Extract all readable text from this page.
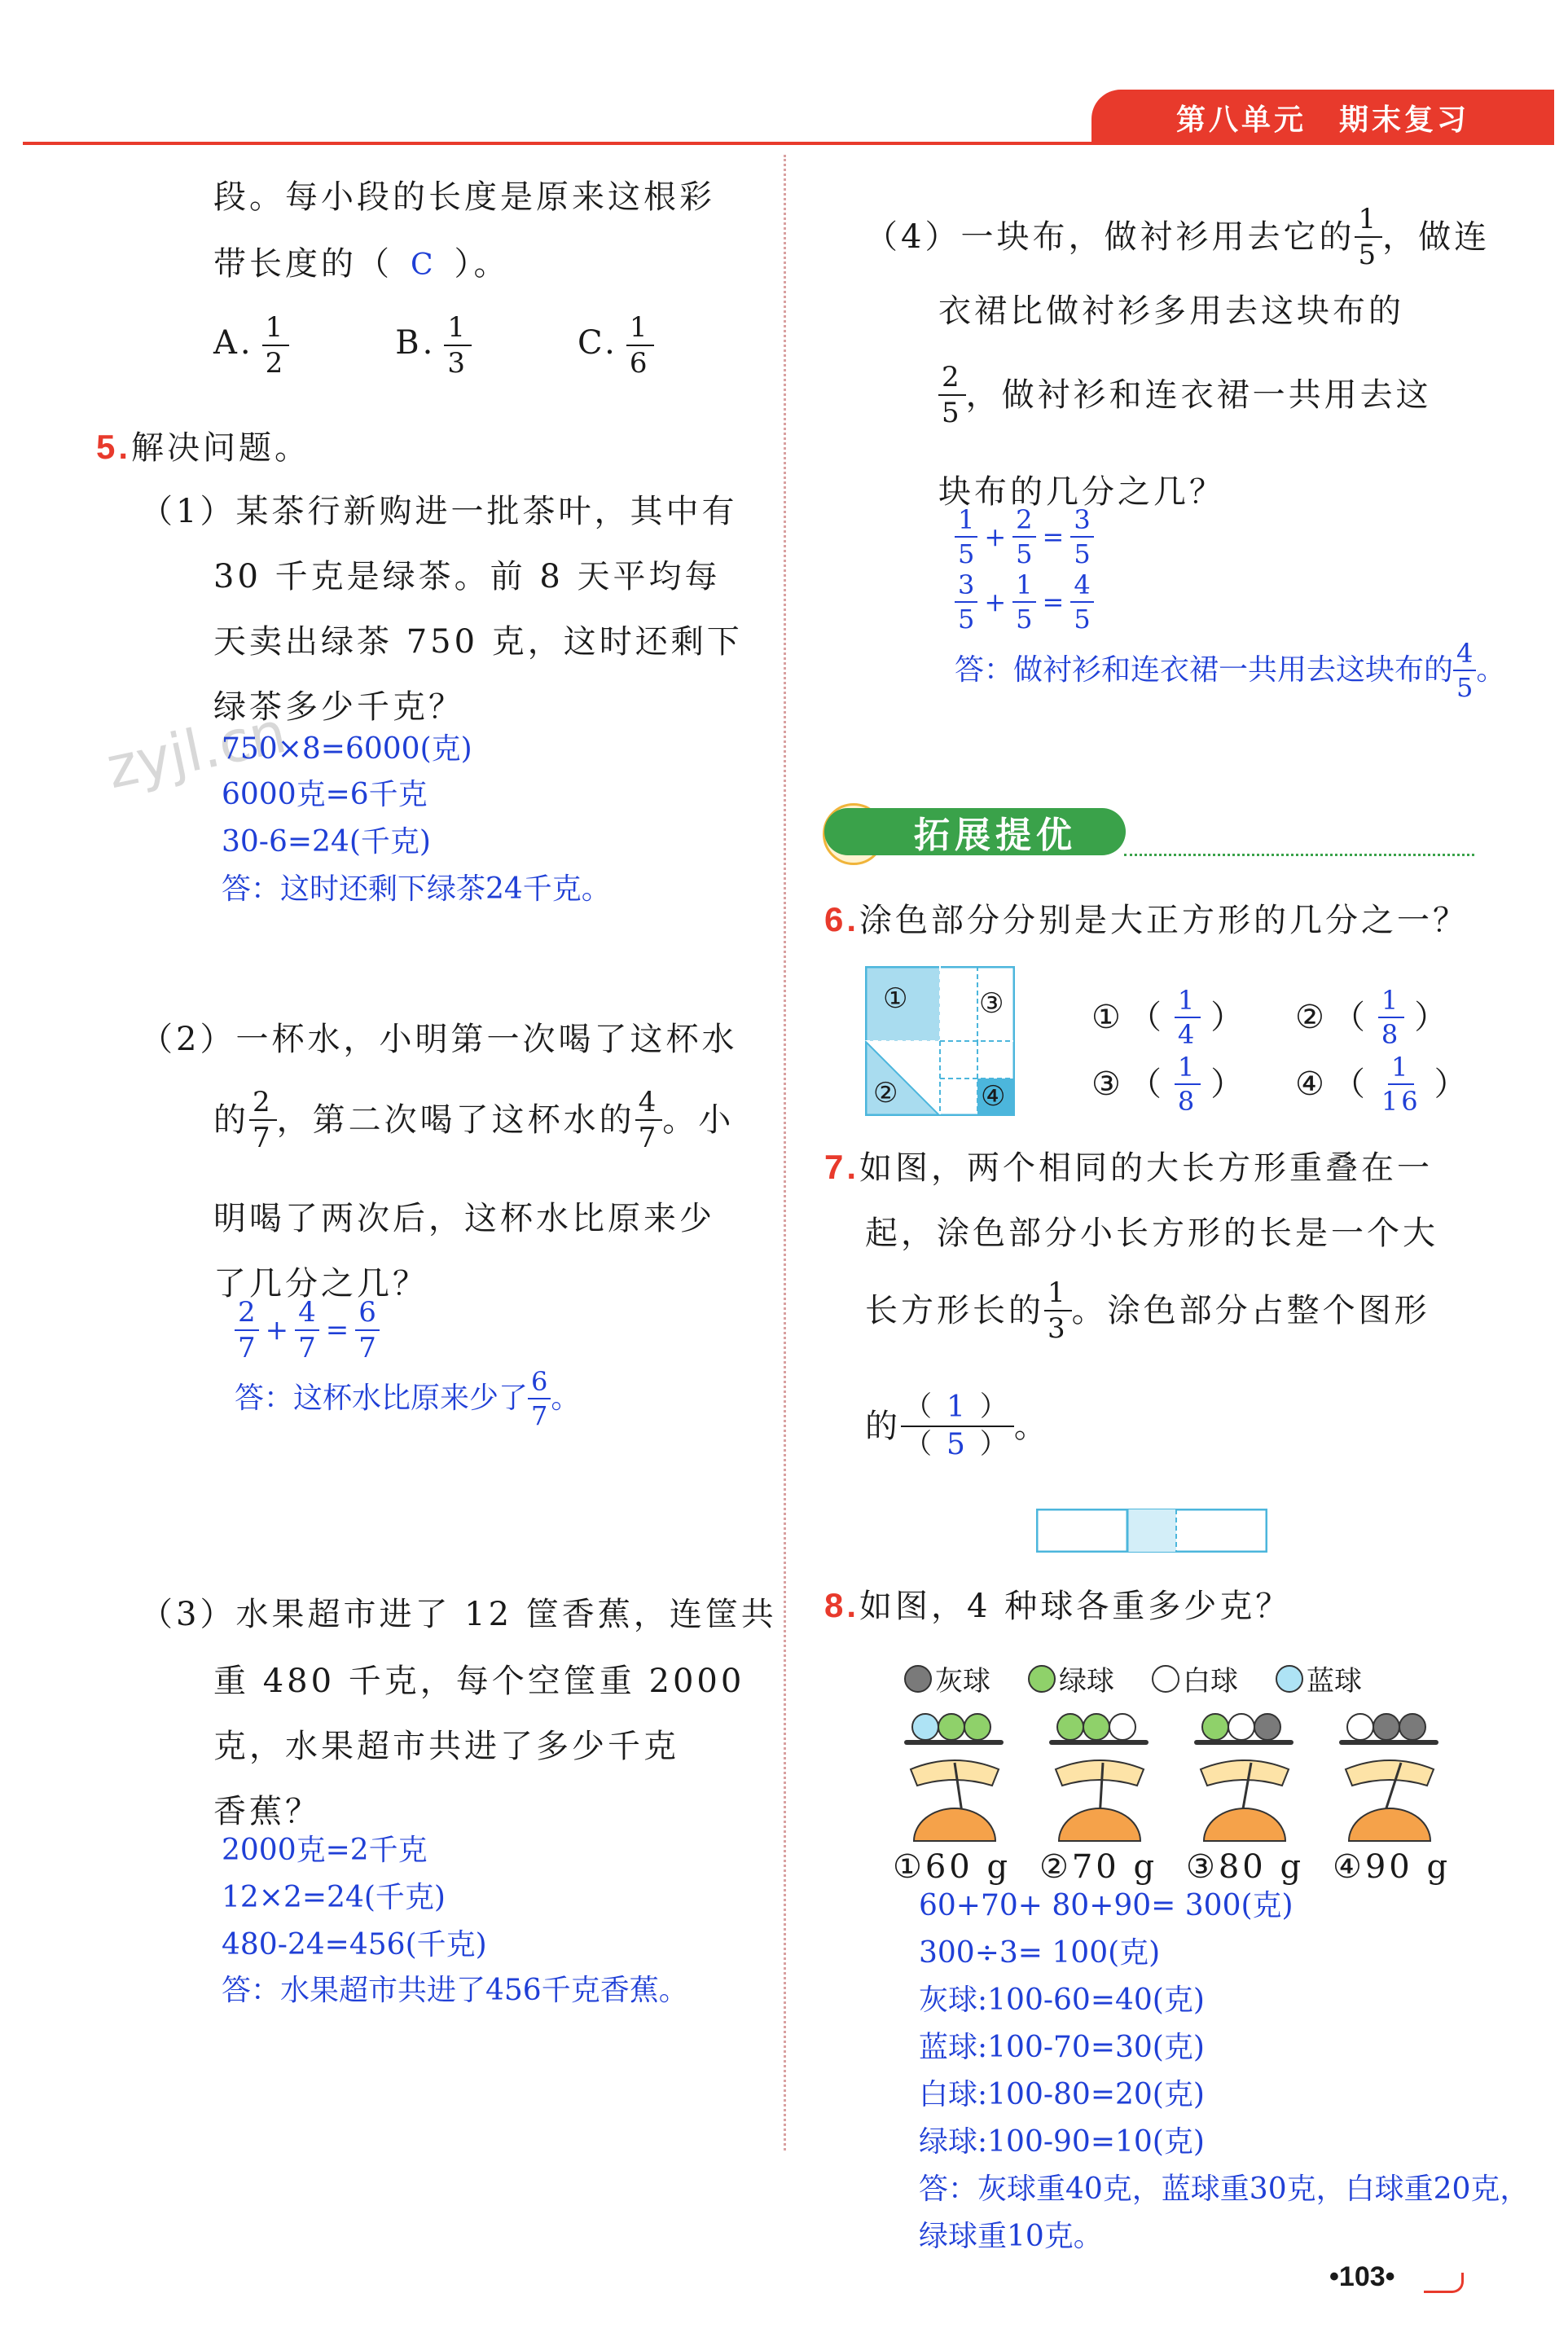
第八单元　期末复习
zyjl.cn
段。每小段的长度是原来这根彩
带长度的（ C ）。
A. $\frac{1}{2}$	B. $\frac{1}{3}$	C. $\frac{1}{6}$
5.解决问题。
（1）某茶行新购进一批茶叶，其中有
30 千克是绿茶。前 8 天平均每
天卖出绿茶 750 克，这时还剩下
绿茶多少千克？
750×8=6000(克)
6000克=6千克
30-6=24(千克)
答：这时还剩下绿茶24千克。
（2）一杯水，小明第一次喝了这杯水
的 $\frac{2}{7}$ ，第二次喝了这杯水的 $\frac{4}{7}$ 。小
明喝了两次后，这杯水比原来少
了几分之几？
$\frac{2}{7} + \frac{4}{7} = \frac{6}{7}$
答：这杯水比原来少了 $\frac{6}{7}$ 。
（3）水果超市进了 12 筐香蕉，连筐共
重 480 千克，每个空筐重 2000
克，水果超市共进了多少千克
香蕉？
2000克=2千克
12×2=24(千克)
480-24=456(千克)
答：水果超市共进了456千克香蕉。
（4）一块布，做衬衫用去它的 $\frac{1}{5}$ ，做连
衣裙比做衬衫多用去这块布的
$\frac{2}{5}$ ，做衬衫和连衣裙一共用去这
块布的几分之几？
$\frac{1}{5} + \frac{2}{5} = \frac{3}{5}$
$\frac{3}{5} + \frac{1}{5} = \frac{4}{5}$
答：做衬衫和连衣裙一共用去这块布的 $\frac{4}{5}$ 。
拓展提优
6.涂色部分分别是大正方形的几分之一？
①
②
③
④
① （ $\frac{1}{4}$ ） ② （ $\frac{1}{8}$ ）
③ （ $\frac{1}{8}$ ） ④ （ $\frac{1}{16}$ ）
7.如图，两个相同的大长方形重叠在一
起，涂色部分小长方形的长是一个大
长方形长的 $\frac{1}{3}$ 。涂色部分占整个图形
的 $\frac{( 1 )}{( 5 )}$ 。
8.如图，4 种球各重多少克？
灰球 绿球 白球 蓝球
①60 g ②70 g ③80 g ④90 g
60+70+ 80+90= 300(克)
300÷3= 100(克)
灰球:100-60=40(克)
蓝球:100-70=30(克)
白球:100-80=20(克)
绿球:100-90=10(克)
答：灰球重40克，蓝球重30克，白球重20克，
绿球重10克。
•103•
